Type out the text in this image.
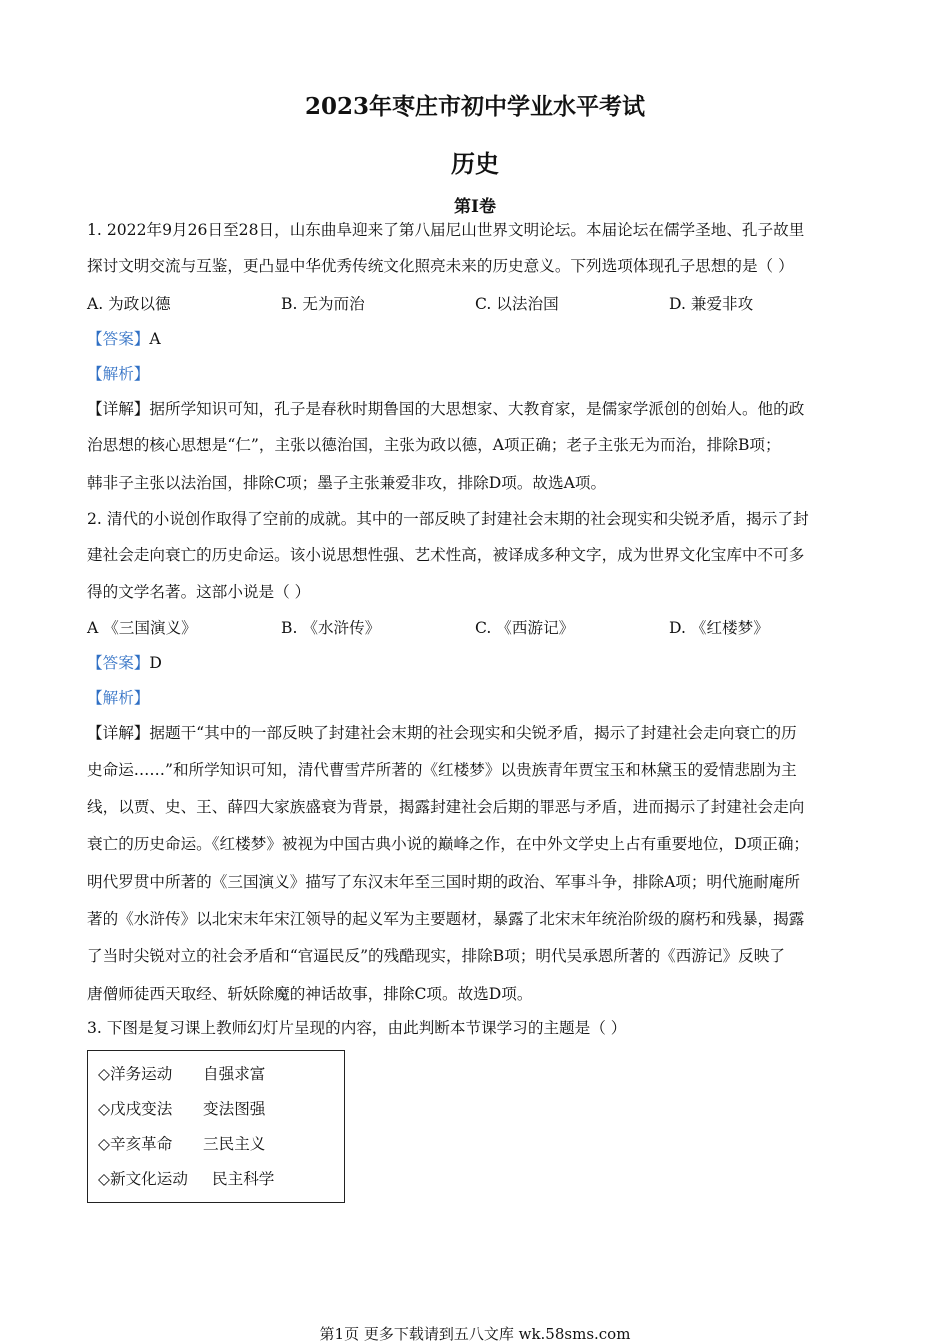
2023年枣庄市初中学业水平考试
历史
第Ⅰ卷
1. 2022年9月26日至28日，山东曲阜迎来了第八届尼山世界文明论坛。本届论坛在儒学圣地、孔子故里
探讨文明交流与互鉴，更凸显中华优秀传统文化照亮未来的历史意义。下列选项体现孔子思想的是（ ）
A. 为政以德	B. 无为而治	C. 以法治国	D. 兼爱非攻
【答案】A
【解析】
【详解】据所学知识可知，孔子是春秋时期鲁国的大思想家、大教育家，是儒家学派创的创始人。他的政
治思想的核心思想是“仁”，主张以德治国，主张为政以德，A项正确；老子主张无为而治，排除B项；
韩非子主张以法治国，排除C项；墨子主张兼爱非攻，排除D项。故选A项。
2. 清代的小说创作取得了空前的成就。其中的一部反映了封建社会末期的社会现实和尖锐矛盾，揭示了封
建社会走向衰亡的历史命运。该小说思想性强、艺术性高，被译成多种文字，成为世界文化宝库中不可多
得的文学名著。这部小说是（ ）
A 《三国演义》	B. 《水浒传》	C. 《西游记》	D. 《红楼梦》
【答案】D
【解析】
【详解】据题干“其中的一部反映了封建社会末期的社会现实和尖锐矛盾，揭示了封建社会走向衰亡的历
史命运……”和所学知识可知，清代曹雪芹所著的《红楼梦》以贵族青年贾宝玉和林黛玉的爱情悲剧为主
线，以贾、史、王、薛四大家族盛衰为背景，揭露封建社会后期的罪恶与矛盾，进而揭示了封建社会走向
衰亡的历史命运。《红楼梦》被视为中国古典小说的巅峰之作，在中外文学史上占有重要地位，D项正确；
明代罗贯中所著的《三国演义》描写了东汉末年至三国时期的政治、军事斗争，排除A项；明代施耐庵所
著的《水浒传》以北宋末年宋江领导的起义军为主要题材，暴露了北宋末年统治阶级的腐朽和残暴，揭露
了当时尖锐对立的社会矛盾和“官逼民反”的残酷现实，排除B项；明代吴承恩所著的《西游记》反映了
唐僧师徒西天取经、斩妖除魔的神话故事，排除C项。故选D项。
3. 下图是复习课上教师幻灯片呈现的内容，由此判断本节课学习的主题是（ ）
◇洋务运动 自强求富
◇戊戌变法 变法图强
◇辛亥革命 三民主义
◇新文化运动 民主科学
第1页 更多下载请到五八文库 wk.58sms.com
